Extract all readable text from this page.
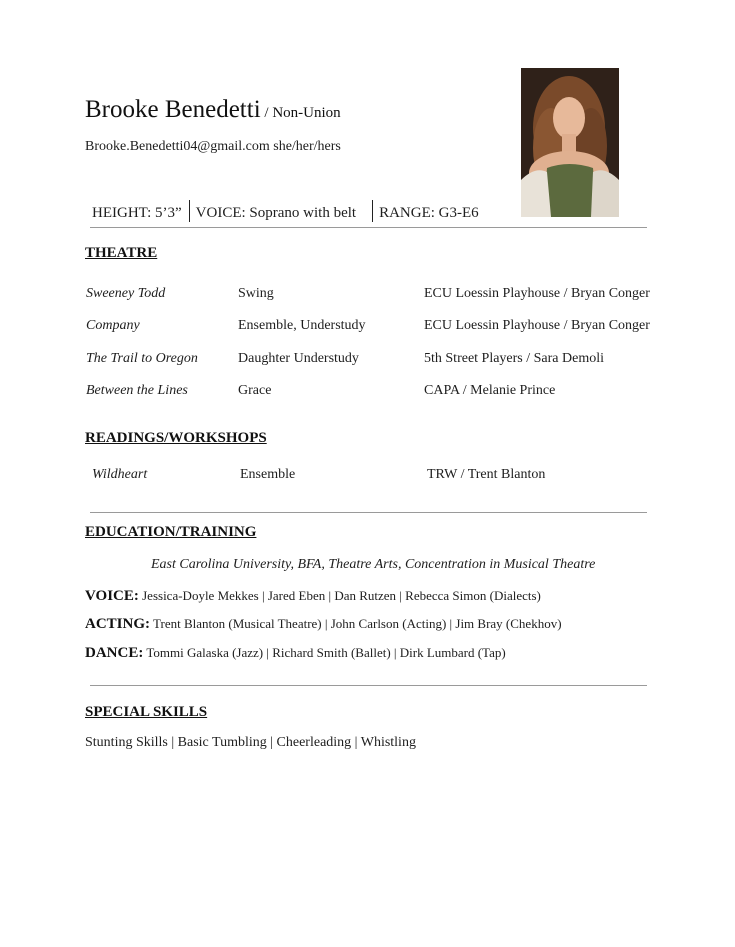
Brooke Benedetti / Non-Union
Brooke.Benedetti04@gmail.com she/her/hers
HEIGHT: 5’3” VOICE: Soprano with belt RANGE: G3-E6
THEATRE
Sweeney Todd	Swing	ECU Loessin Playhouse / Bryan Conger
Company	Ensemble, Understudy	ECU Loessin Playhouse / Bryan Conger
The Trail to Oregon	Daughter Understudy	5th Street Players / Sara Demoli
Between the Lines	Grace	CAPA / Melanie Prince
READINGS/WORKSHOPS
Wildheart	Ensemble	TRW / Trent Blanton
EDUCATION/TRAINING
East Carolina University, BFA, Theatre Arts, Concentration in Musical Theatre
VOICE: Jessica-Doyle Mekkes | Jared Eben | Dan Rutzen | Rebecca Simon (Dialects)
ACTING: Trent Blanton (Musical Theatre) | John Carlson (Acting) | Jim Bray (Chekhov)
DANCE: Tommi Galaska (Jazz) | Richard Smith (Ballet) | Dirk Lumbard (Tap)
SPECIAL SKILLS
Stunting Skills | Basic Tumbling | Cheerleading | Whistling
